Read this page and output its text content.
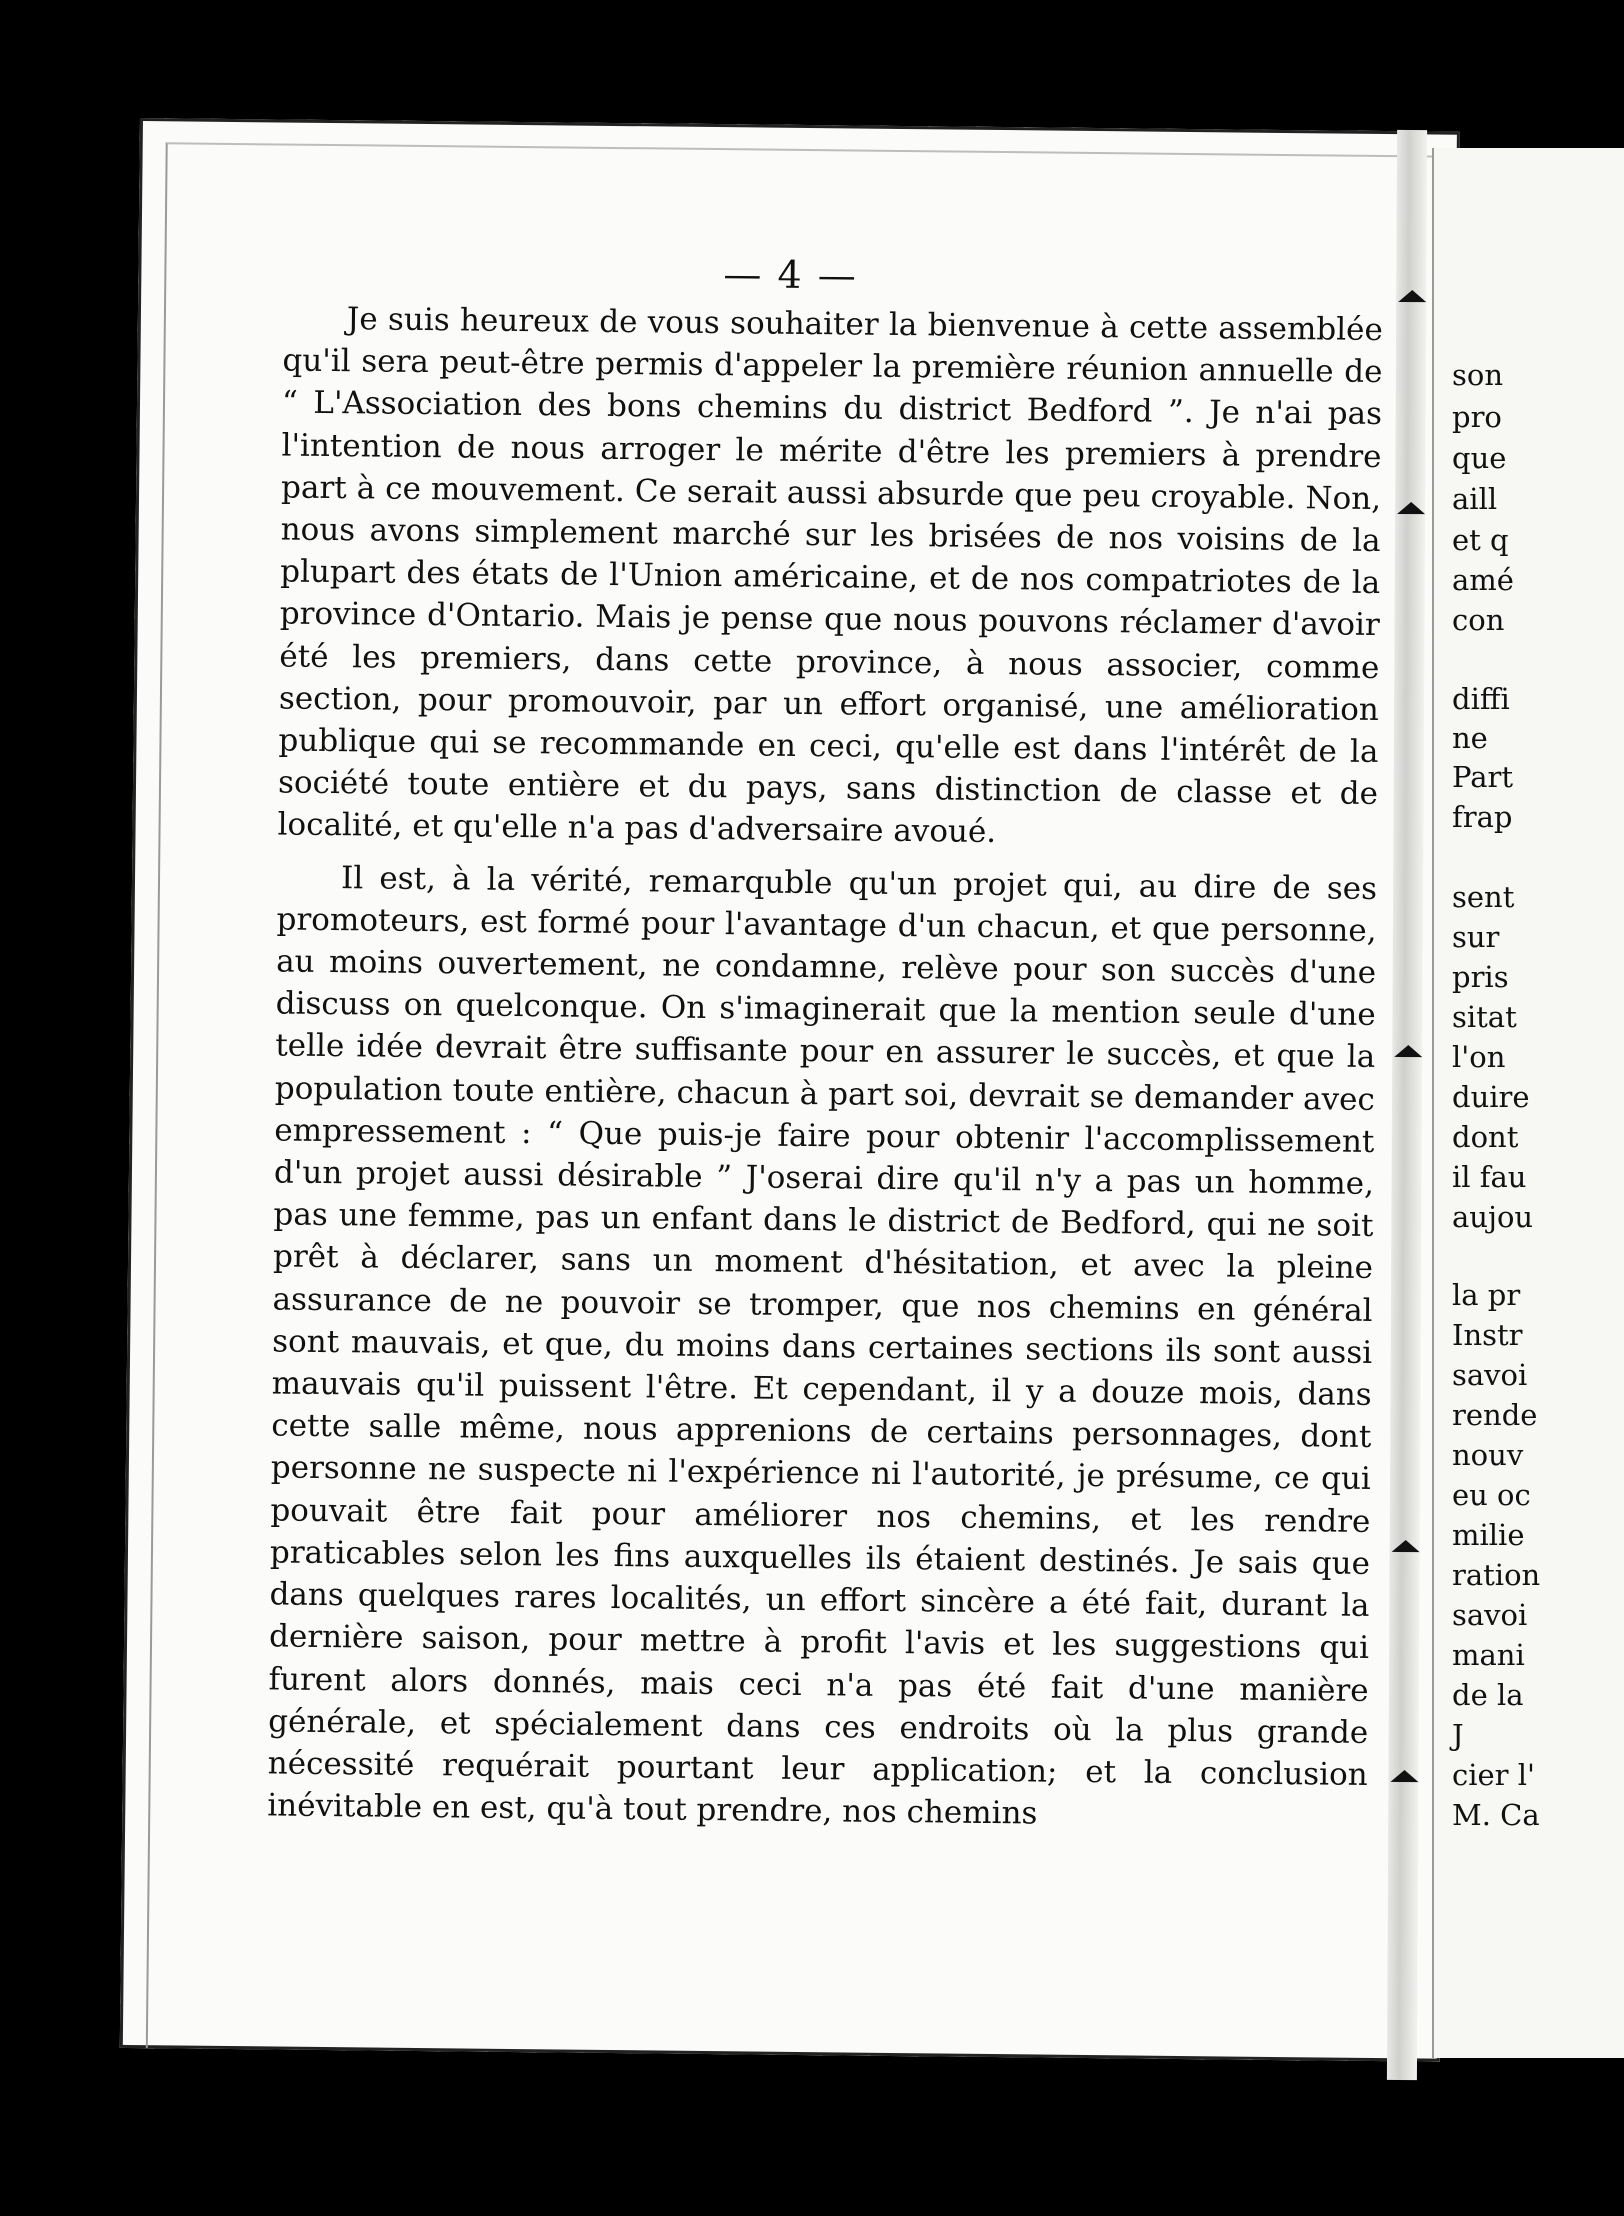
— 4 —

Je suis heureux de vous souhaiter la bienvenue à cette assemblée qu'il sera peut-être permis d'appeler la première réunion annuelle de “ L'Association des bons chemins du district Bedford ”. Je n'ai pas l'intention de nous arroger le mérite d'être les premiers à prendre part à ce mouvement. Ce serait aussi absurde que peu croyable. Non, nous avons simplement marché sur les brisées de nos voisins de la plupart des états de l'Union américaine, et de nos compatriotes de la province d'Ontario. Mais je pense que nous pouvons réclamer d'avoir été les premiers, dans cette province, à nous associer, comme section, pour promouvoir, par un effort organisé, une amélioration publique qui se recommande en ceci, qu'elle est dans l'intérêt de la société toute entière et du pays, sans distinction de classe et de localité, et qu'elle n'a pas d'adversaire avoué.

Il est, à la vérité, remarquble qu'un projet qui, au dire de ses promoteurs, est formé pour l'avantage d'un chacun, et que personne, au moins ouvertement, ne condamne, relève pour son succès d'une discuss on quelconque. On s'imaginerait que la mention seule d'une telle idée devrait être suffisante pour en assurer le succès, et que la population toute entière, chacun à part soi, devrait se demander avec empressement : “ Que puis-je faire pour obtenir l'accomplissement d'un projet aussi désirable ” J'oserai dire qu'il n'y a pas un homme, pas une femme, pas un enfant dans le district de Bedford, qui ne soit prêt à déclarer, sans un moment d'hésitation, et avec la pleine assurance de ne pouvoir se tromper, que nos chemins en général sont mauvais, et que, du moins dans certaines sections ils sont aussi mauvais qu'il puissent l'être. Et cependant, il y a douze mois, dans cette salle même, nous apprenions de certains personnages, dont personne ne suspecte ni l'expérience ni l'autorité, je présume, ce qui pouvait être fait pour améliorer nos chemins, et les rendre praticables selon les fins auxquelles ils étaient destinés. Je sais que dans quelques rares localités, un effort sincère a été fait, durant la dernière saison, pour mettre à profit l'avis et les suggestions qui furent alors donnés, mais ceci n'a pas été fait d'une manière générale, et spécialement dans ces endroits où la plus grande nécessité requérait pourtant leur application; et la conclusion inévitable en est, qu'à tout prendre, nos chemins

son
pro
que
aill
et q
amé
con
diffi
ne
Part
frap
sent
sur
pris
sitat
l'on
duire
dont
il fau
aujou
la pr
Instr
savoi
rende
nouv
eu oc
milie
ration
savoi
mani
de la
J
cier l'
M. Ca
